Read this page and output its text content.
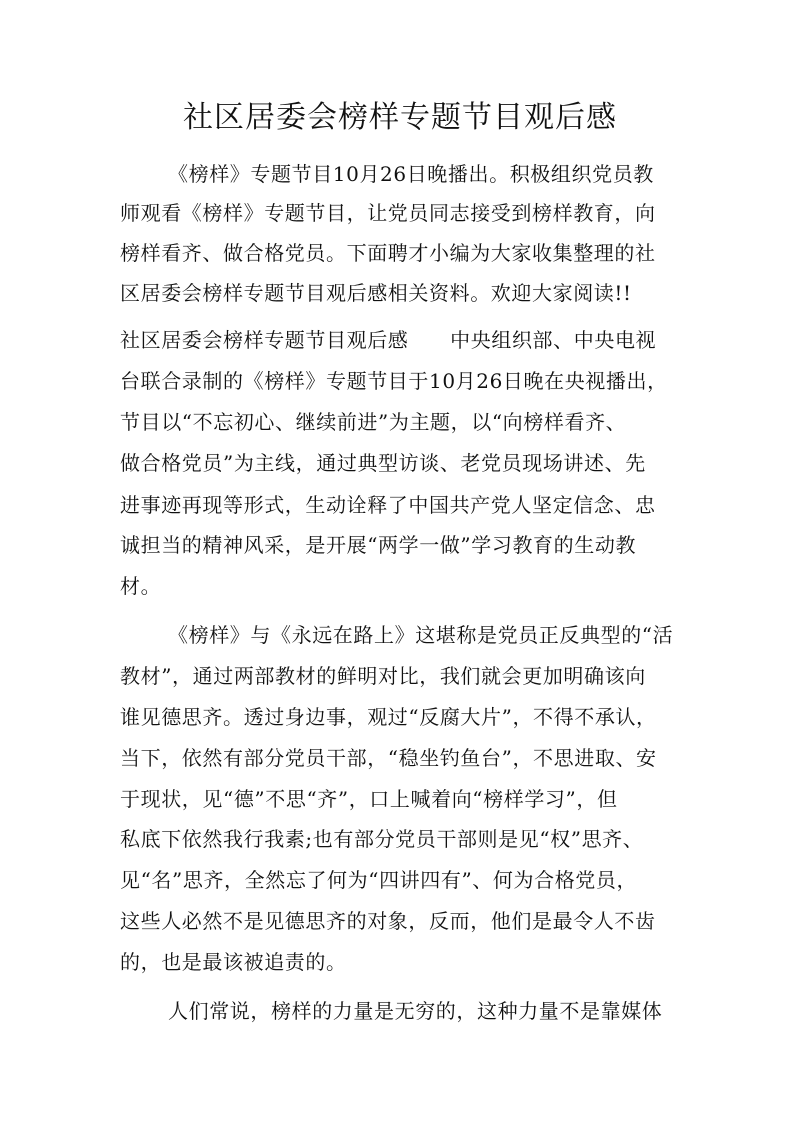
社区居委会榜样专题节目观后感
《榜样》专题节目10月26日晚播出。积极组织党员教
师观看《榜样》专题节目，让党员同志接受到榜样教育，向
榜样看齐、做合格党员。下面聘才小编为大家收集整理的社
区居委会榜样专题节目观后感相关资料。欢迎大家阅读!!
社区居委会榜样专题节目观后感      中央组织部、中央电视
台联合录制的《榜样》专题节目于10月26日晚在央视播出，
节目以“不忘初心、继续前进”为主题，以“向榜样看齐、
做合格党员”为主线，通过典型访谈、老党员现场讲述、先
进事迹再现等形式，生动诠释了中国共产党人坚定信念、忠
诚担当的精神风采，是开展“两学一做”学习教育的生动教
材。
《榜样》与《永远在路上》这堪称是党员正反典型的“活
教材”，通过两部教材的鲜明对比，我们就会更加明确该向
谁见德思齐。透过身边事，观过“反腐大片”，不得不承认，
当下，依然有部分党员干部，“稳坐钓鱼台”，不思进取、安
于现状，见“德”不思“齐”，口上喊着向“榜样学习”，但
私底下依然我行我素;也有部分党员干部则是见“权”思齐、
见“名”思齐，全然忘了何为“四讲四有”、何为合格党员，
这些人必然不是见德思齐的对象，反而，他们是最令人不齿
的，也是最该被追责的。
人们常说，榜样的力量是无穷的，这种力量不是靠媒体
